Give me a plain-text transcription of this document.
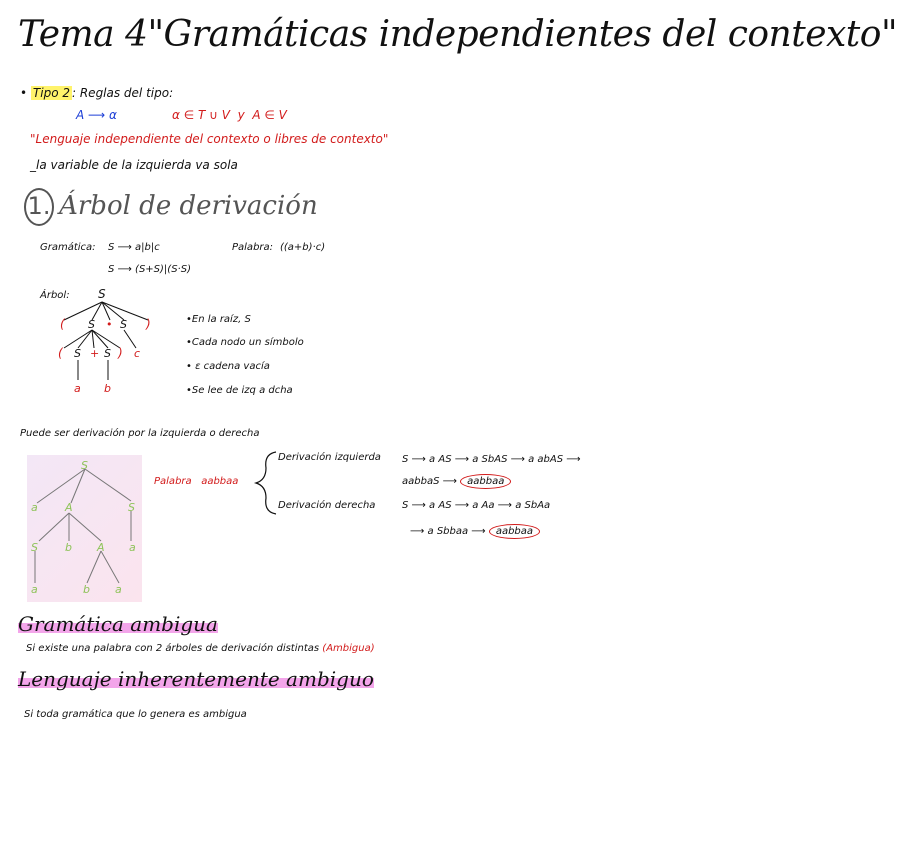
Tema 4"Gramáticas independientes del contexto"
• Tipo 2 : Reglas del tipo:
A ⟶ α	α ∈ T ∪ V y A ∈ V
"Lenguaje independiente del contexto o libres de contexto"
_la variable de la izquierda va sola
1. Árbol de derivación
Gramática: S ⟶ a|b|c
S ⟶ (S+S)|(S·S)
Palabra: ((a+b)·c)
Árbol: S
( S • S )
( S + S ) c
a b
•En la raíz, S
•Cada nodo un símbolo
• ε cadena vacía
•Se lee de izq a dcha
Puede ser derivación por la izquierda o derecha
S
a A	S
S b A a
a	b a
Palabra aabbaa
Derivación izquierda S ⟶ a AS ⟶ a SbAS ⟶ a abAS ⟶
aabbaS ⟶ aabbaa
Derivación derecha	S ⟶ a AS ⟶ a Aa ⟶ a SbAa
⟶ a Sbbaa ⟶ aabbaa
Gramática ambigua
Si existe una palabra con 2 árboles de derivación distintas (Ambigua)
Lenguaje inherentemente ambiguo
Si toda gramática que lo genera es ambigua
